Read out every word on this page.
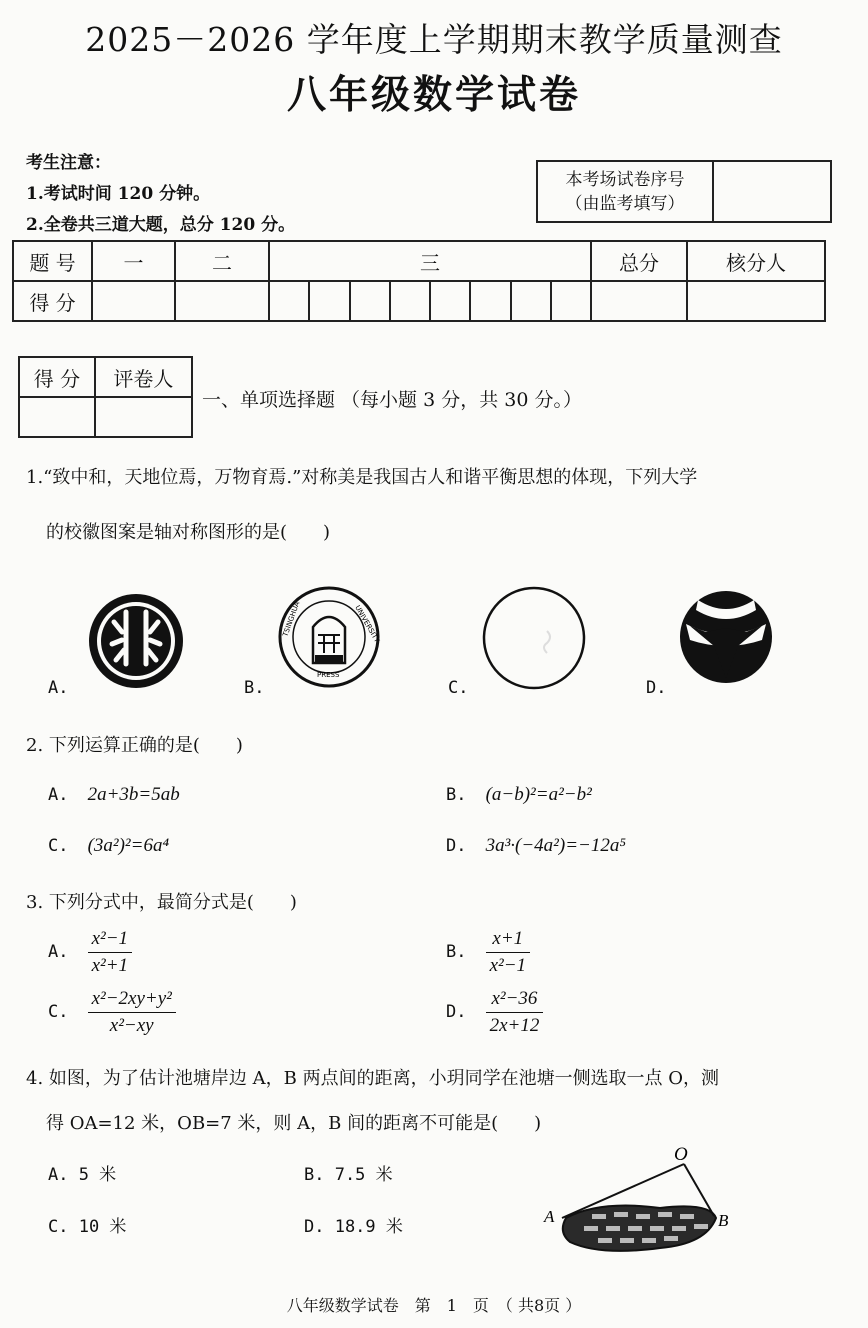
2025－2026 学年度上学期期末教学质量测查
八年级数学试卷
考生注意：
1.考试时间 120 分钟。
2.全卷共三道大题，总分 120 分。
本考场试卷序号
（由监考填写）

题 号	一	二	三								总分	核分人
得 分												
得 分	评卷人

一、单项选择题 （每小题 3 分，共 30 分。）
1.“致中和，天地位焉，万物育焉.”对称美是我国古人和谐平衡思想的体现，下列大学
的校徽图案是轴对称图形的是(　　)
A.
TSINGHUA	UNIVERSITY
PRESS
B.	C.	D.
2. 下列运算正确的是(　　)
A. 2a+3b=5ab	B. (a−b)²=a²−b²
C. (3a²)²=6a⁴	D. 3a³·(−4a²)=−12a⁵
3. 下列分式中，最简分式是(　　)
A. $\frac{\text{x²−1}}{\text{x²+1}}$	B. $\frac{x+1}{\text{x²−1}}$
C. $\frac{\text{x²−2xy+y²}}{\text{x²−xy}}$	D. $\frac{\text{x²−36}}{2x+12}$
4. 如图，为了估计池塘岸边 A，B 两点间的距离，小玥同学在池塘一侧选取一点 O，测
得 OA=12 米，OB=7 米，则 A，B 间的距离不可能是(　　)
A. 5 米	B. 7.5 米
C. 10 米	D. 18.9 米
O
A	B
八年级数学试卷　第　1　页　（ 共8页 ）
